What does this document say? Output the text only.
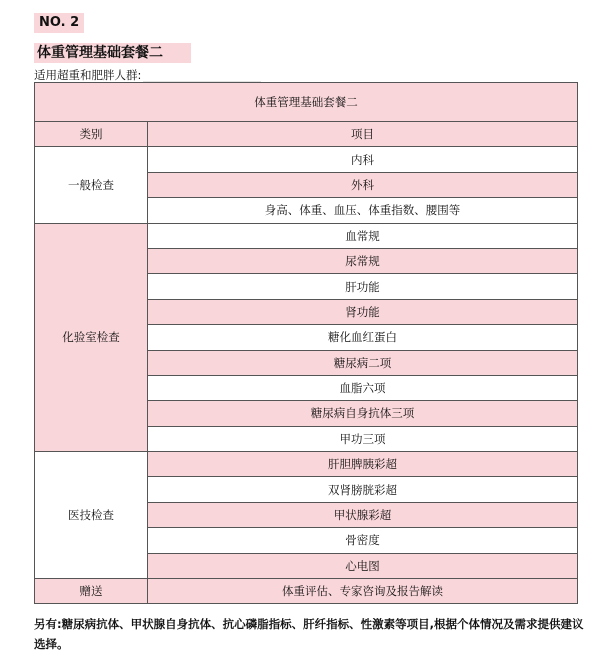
NO. 2
体重管理基础套餐二
适用超重和肥胖人群:
体重管理基础套餐二	
类别	项目
一般检查	内科
	外科
	身高、体重、血压、体重指数、腰围等
化验室检查	血常规
	尿常规
	肝功能
	肾功能
	糖化血红蛋白
	糖尿病二项
	血脂六项
	糖尿病自身抗体三项
	甲功三项
医技检查	肝胆脾胰彩超
	双肾膀胱彩超
	甲状腺彩超
	骨密度
	心电图
赠送	体重评估、专家咨询及报告解读
另有:糖尿病抗体、甲状腺自身抗体、抗心磷脂指标、肝纤指标、性激素等项目,根据个体情况及需求提供建议选择。
